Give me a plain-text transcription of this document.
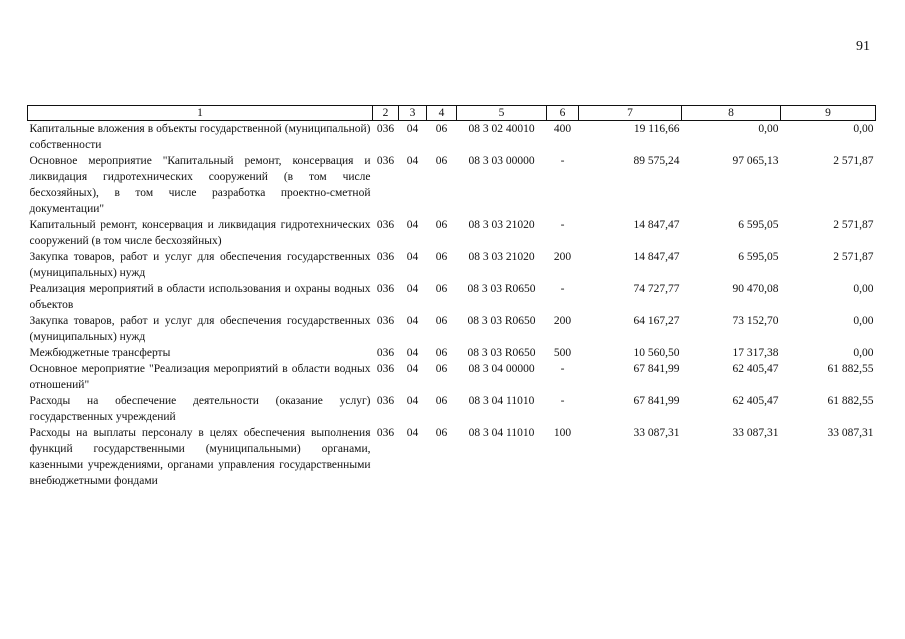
91
1	2	3	4	5	6	7	8	9
Капитальные вложения в объекты государственной (муниципальной) собственности	036	04	06	08 3 02 40010	400	19 116,66	0,00	0,00
Основное мероприятие "Капитальный ремонт, консервация и ликвидация гидротехнических сооружений (в том числе бесхозяйных), в том числе разработка проектно-сметной документации"	036	04	06	08 3 03 00000	-	89 575,24	97 065,13	2 571,87
Капитальный ремонт, консервация и ликвидация гидротехнических сооружений (в том числе бесхозяйных)	036	04	06	08 3 03 21020	-	14 847,47	6 595,05	2 571,87
Закупка товаров, работ и услуг для обеспечения государственных (муниципальных) нужд	036	04	06	08 3 03 21020	200	14 847,47	6 595,05	2 571,87
Реализация мероприятий в области использования и охраны водных объектов	036	04	06	08 3 03 R0650	-	74 727,77	90 470,08	0,00
Закупка товаров, работ и услуг для обеспечения государственных (муниципальных) нужд	036	04	06	08 3 03 R0650	200	64 167,27	73 152,70	0,00
Межбюджетные трансферты	036	04	06	08 3 03 R0650	500	10 560,50	17 317,38	0,00
Основное мероприятие "Реализация мероприятий в области водных отношений"	036	04	06	08 3 04 00000	-	67 841,99	62 405,47	61 882,55
Расходы на обеспечение деятельности (оказание услуг) государственных учреждений	036	04	06	08 3 04 11010	-	67 841,99	62 405,47	61 882,55
Расходы на выплаты персоналу в целях обеспечения выполнения функций государственными (муниципальными) органами, казенными учреждениями, органами управления государственными внебюджетными фондами	036	04	06	08 3 04 11010	100	33 087,31	33 087,31	33 087,31
